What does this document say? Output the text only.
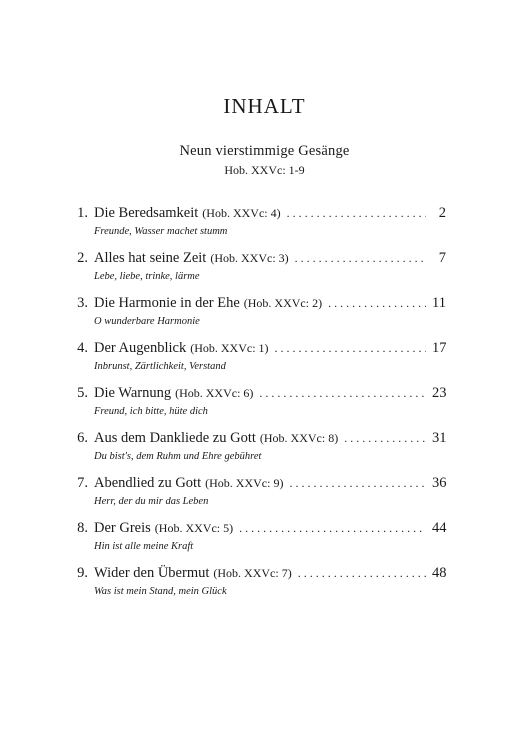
INHALT
Neun vierstimmige Gesänge
Hob. XXVc: 1-9
1. Die Beredsamkeit (Hob. XXVc: 4) . . .	2
Freunde, Wasser machet stumm
2. Alles hat seine Zeit (Hob. XXVc: 3) . . .	7
Lebe, liebe, trinke, lärme
3. Die Harmonie in der Ehe (Hob. XXVc: 2) . . .	11
O wunderbare Harmonie
4. Der Augenblick (Hob. XXVc: 1) . . .	17
Inbrunst, Zärtlichkeit, Verstand
5. Die Warnung (Hob. XXVc: 6) . . .	23
Freund, ich bitte, hüte dich
6. Aus dem Dankliede zu Gott (Hob. XXVc: 8) . . .	31
Du bist's, dem Ruhm und Ehre gebühret
7. Abendlied zu Gott (Hob. XXVc: 9) . . .	36
Herr, der du mir das Leben
8. Der Greis (Hob. XXVc: 5) . . .	44
Hin ist alle meine Kraft
9. Wider den Übermut (Hob. XXVc: 7) . . .	48
Was ist mein Stand, mein Glück
